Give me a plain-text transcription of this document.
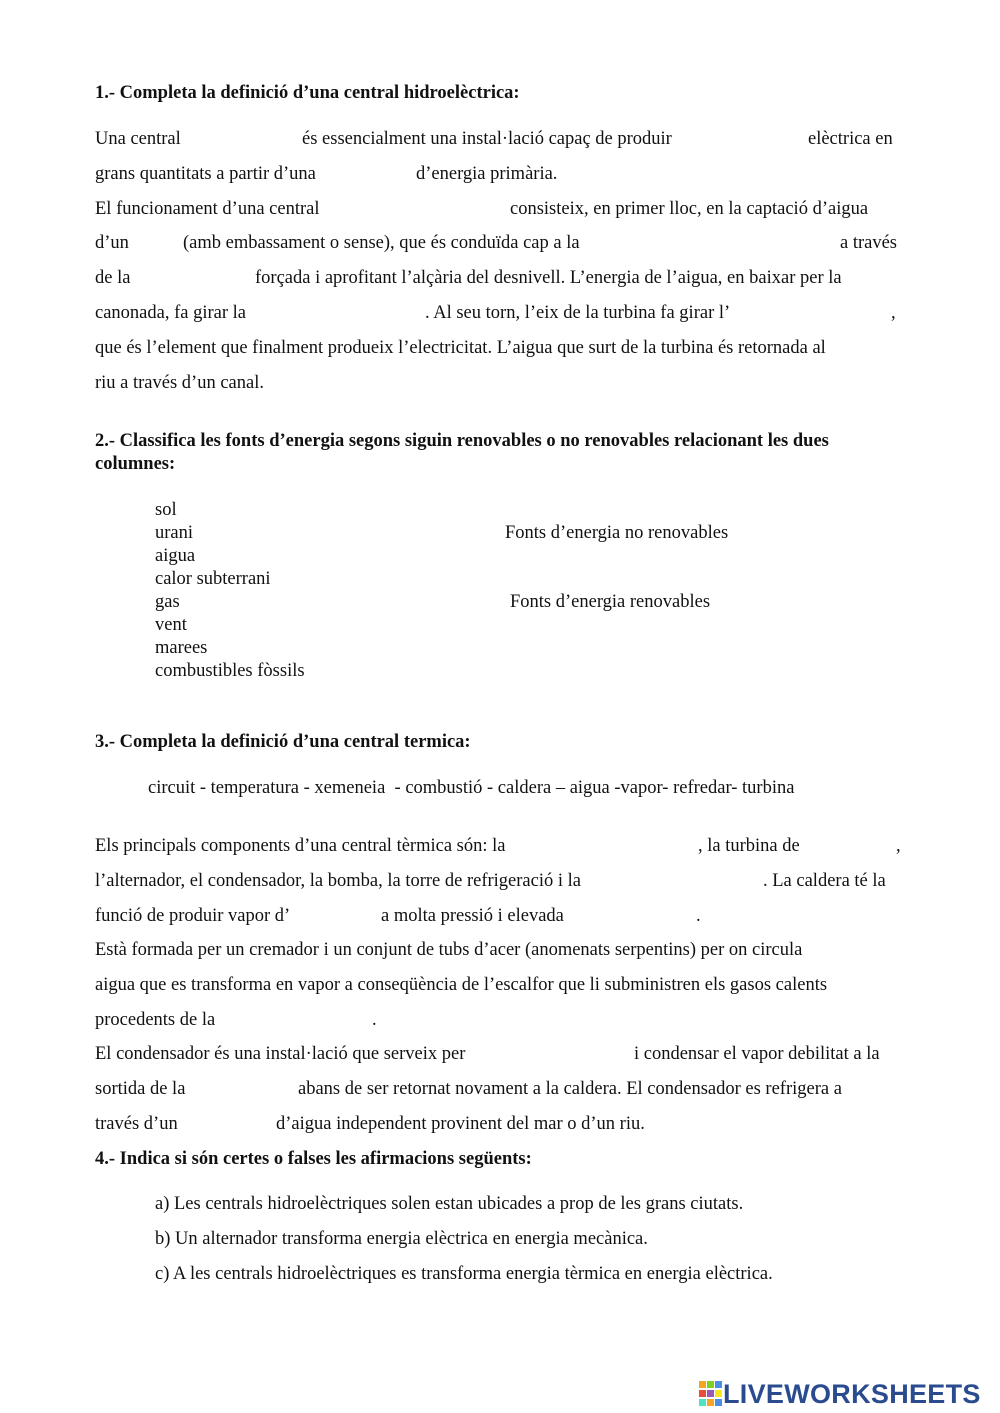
1.- Completa la definició d’una central hidroelèctrica:
Una central	és essencialment una instal·lació capaç de produir	elèctrica en
grans quantitats a partir d’una	d’energia primària.
El funcionament d’una central	consisteix, en primer lloc, en la captació d’aigua
d’un	(amb embassament o sense), que és conduïda cap a la	a través
de la	forçada i aprofitant l’alçària del desnivell. L’energia de l’aigua, en baixar per la
canonada, fa girar la	. Al seu torn, l’eix de la turbina fa girar l’	,
que és l’element que finalment produeix l’electricitat. L’aigua que surt de la turbina és retornada al
riu a través d’un canal.
2.- Classifica les fonts d’energia segons siguin renovables o no renovables relacionant les dues
columnes:
sol
urani
aigua
calor subterrani
gas
vent
marees
combustibles fòssils
Fonts d’energia no renovables
Fonts d’energia renovables
3.- Completa la definició d’una central termica:
circuit - temperatura - xemeneia  - combustió - caldera – aigua -vapor- refredar- turbina
Els principals components d’una central tèrmica són: la	, la turbina de	,
l’alternador, el condensador, la bomba, la torre de refrigeració i la	. La caldera té la
funció de produir vapor d’	a molta pressió i elevada	.
Està formada per un cremador i un conjunt de tubs d’acer (anomenats serpentins) per on circula
aigua que es transforma en vapor a conseqüència de l’escalfor que li subministren els gasos calents
procedents de la	.
El condensador és una instal·lació que serveix per	i condensar el vapor debilitat a la
sortida de la	abans de ser retornat novament a la caldera. El condensador es refrigera a
través d’un	d’aigua independent provinent del mar o d’un riu.
4.- Indica si són certes o falses les afirmacions següents:
a) Les centrals hidroelèctriques solen estan ubicades a prop de les grans ciutats.
b) Un alternador transforma energia elèctrica en energia mecànica.
c) A les centrals hidroelèctriques es transforma energia tèrmica en energia elèctrica.
LIVEWORKSHEETS
